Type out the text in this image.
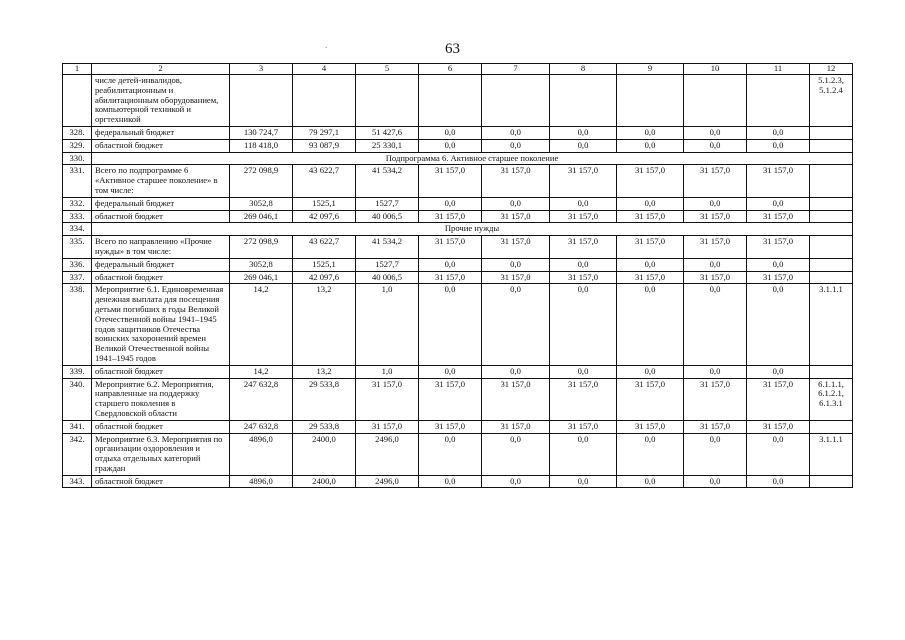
63
.
1	2	3	4	5	6	7	8	9	10	11	12
	числе детей-инвалидов, реабилитационным и абилитационным оборудованием, компьютерной техникой и оргтехникой										5.1.2.3, 5.1.2.4
328.	федеральный бюджет	130 724,7	79 297,1	51 427,6	0,0	0,0	0,0	0,0	0,0	0,0	
329.	областной бюджет	118 418,0	93 087,9	25 330,1	0,0	0,0	0,0	0,0	0,0	0,0	
330.	Подпрограмма 6. Активное старшее поколение										
331.	Всего по подпрограмме 6 «Активное старшее поколение» в том числе:	272 098,9	43 622,7	41 534,2	31 157,0	31 157,0	31 157,0	31 157,0	31 157,0	31 157,0	
332.	федеральный бюджет	3052,8	1525,1	1527,7	0,0	0,0	0,0	0,0	0,0	0,0	
333.	областной бюджет	269 046,1	42 097,6	40 006,5	31 157,0	31 157,0	31 157,0	31 157,0	31 157,0	31 157,0	
334.	Прочие нужды										
335.	Всего по направлению «Прочие нужды» в том числе:	272 098,9	43 622,7	41 534,2	31 157,0	31 157,0	31 157,0	31 157,0	31 157,0	31 157,0	
336.	федеральный бюджет	3052,8	1525,1	1527,7	0,0	0,0	0,0	0,0	0,0	0,0	
337.	областной бюджет	269 046,1	42 097,6	40 006,5	31 157,0	31 157,0	31 157,0	31 157,0	31 157,0	31 157,0	
338.	Мероприятие 6.1. Единовременная денежная выплата для посещения детьми погибших в годы Великой Отечественной войны 1941–1945 годов защитников Отечества воинских захоронений времен Великой Отечественной войны 1941–1945 годов	14,2	13,2	1,0	0,0	0,0	0,0	0,0	0,0	0,0	3.1.1.1
339.	областной бюджет	14,2	13,2	1,0	0,0	0,0	0,0	0,0	0,0	0,0	
340.	Мероприятие 6.2. Мероприятия, направленные на поддержку старшего поколения в Свердловской области	247 632,8	29 533,8	31 157,0	31 157,0	31 157,0	31 157,0	31 157,0	31 157,0	31 157,0	6.1.1.1, 6.1.2.1, 6.1.3.1
341.	областной бюджет	247 632,8	29 533,8	31 157,0	31 157,0	31 157,0	31 157,0	31 157,0	31 157,0	31 157,0	
342.	Мероприятие 6.3. Мероприятия по организации оздоровления и отдыха отдельных категорий граждан	4896,0	2400,0	2496,0	0,0	0,0	0,0	0,0	0,0	0,0	3.1.1.1
343.	областной бюджет	4896,0	2400,0	2496,0	0,0	0,0	0,0	0,0	0,0	0,0	
